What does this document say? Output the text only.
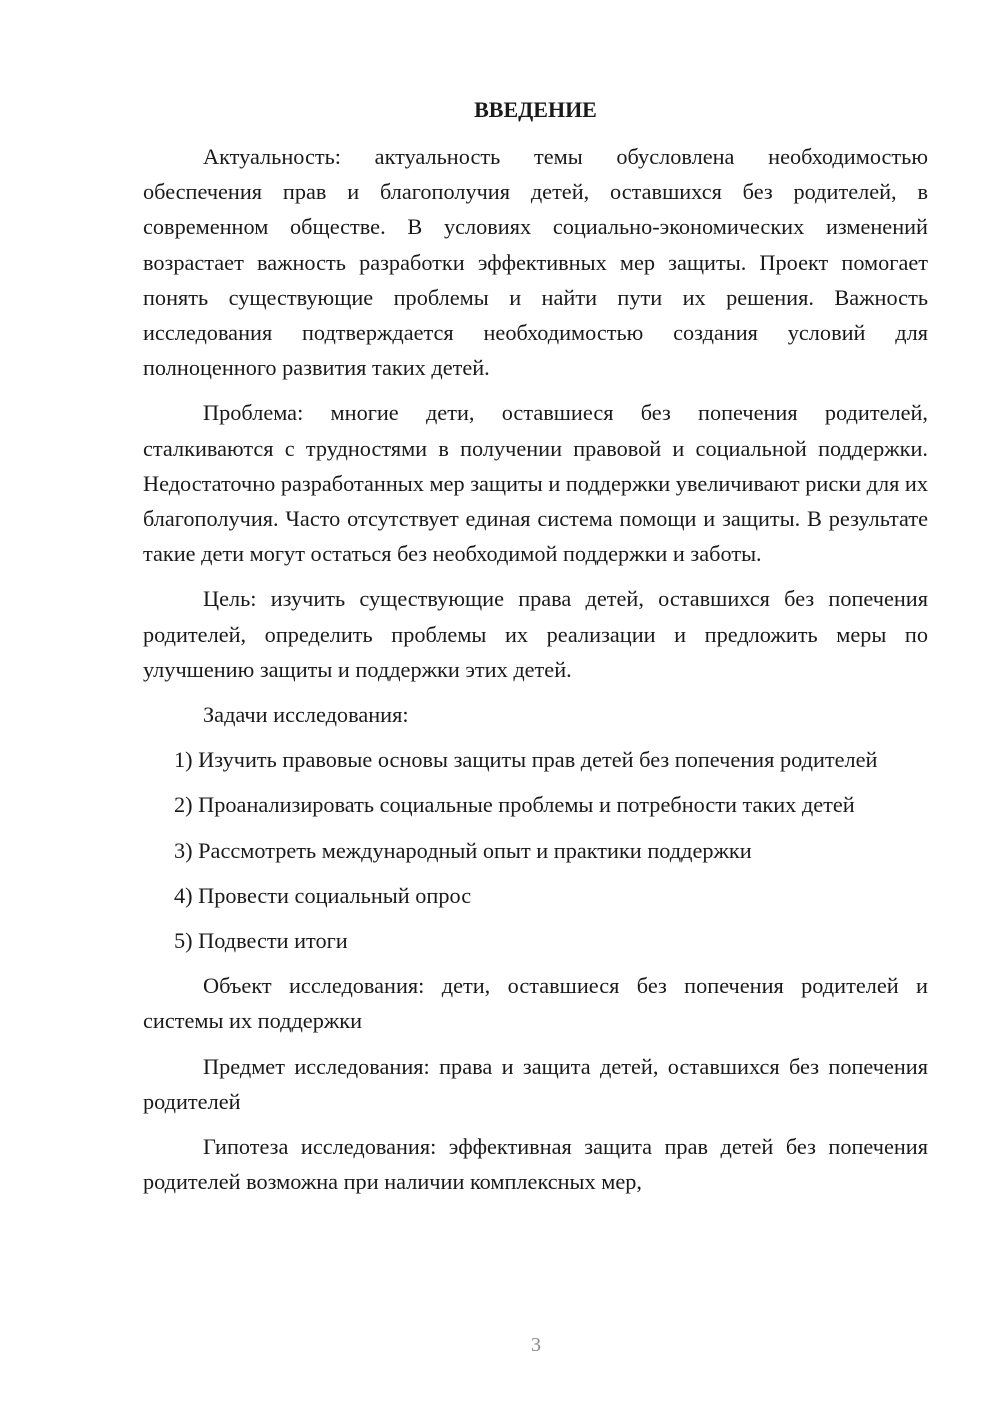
ВВЕДЕНИЕ

Актуальность: актуальность темы обусловлена необходимостью обеспечения прав и благополучия детей, оставшихся без родителей, в современном обществе. В условиях социально-экономических изменений возрастает важность разработки эффективных мер защиты. Проект помогает понять существующие проблемы и найти пути их решения. Важность исследования подтверждается необходимостью создания условий для полноценного развития таких детей.

Проблема: многие дети, оставшиеся без попечения родителей, сталкиваются с трудностями в получении правовой и социальной поддержки. Недостаточно разработанных мер защиты и поддержки увеличивают риски для их благополучия. Часто отсутствует единая система помощи и защиты. В результате такие дети могут остаться без необходимой поддержки и заботы.

Цель: изучить существующие права детей, оставшихся без попечения родителей, определить проблемы их реализации и предложить меры по улучшению защиты и поддержки этих детей.

Задачи исследования:

1) Изучить правовые основы защиты прав детей без попечения родителей

2) Проанализировать социальные проблемы и потребности таких детей

3) Рассмотреть международный опыт и практики поддержки

4) Провести социальный опрос

5) Подвести итоги

Объект исследования: дети, оставшиеся без попечения родителей и системы их поддержки

Предмет исследования: права и защита детей, оставшихся без попечения родителей

Гипотеза исследования: эффективная защита прав детей без попечения родителей возможна при наличии комплексных мер,

3
